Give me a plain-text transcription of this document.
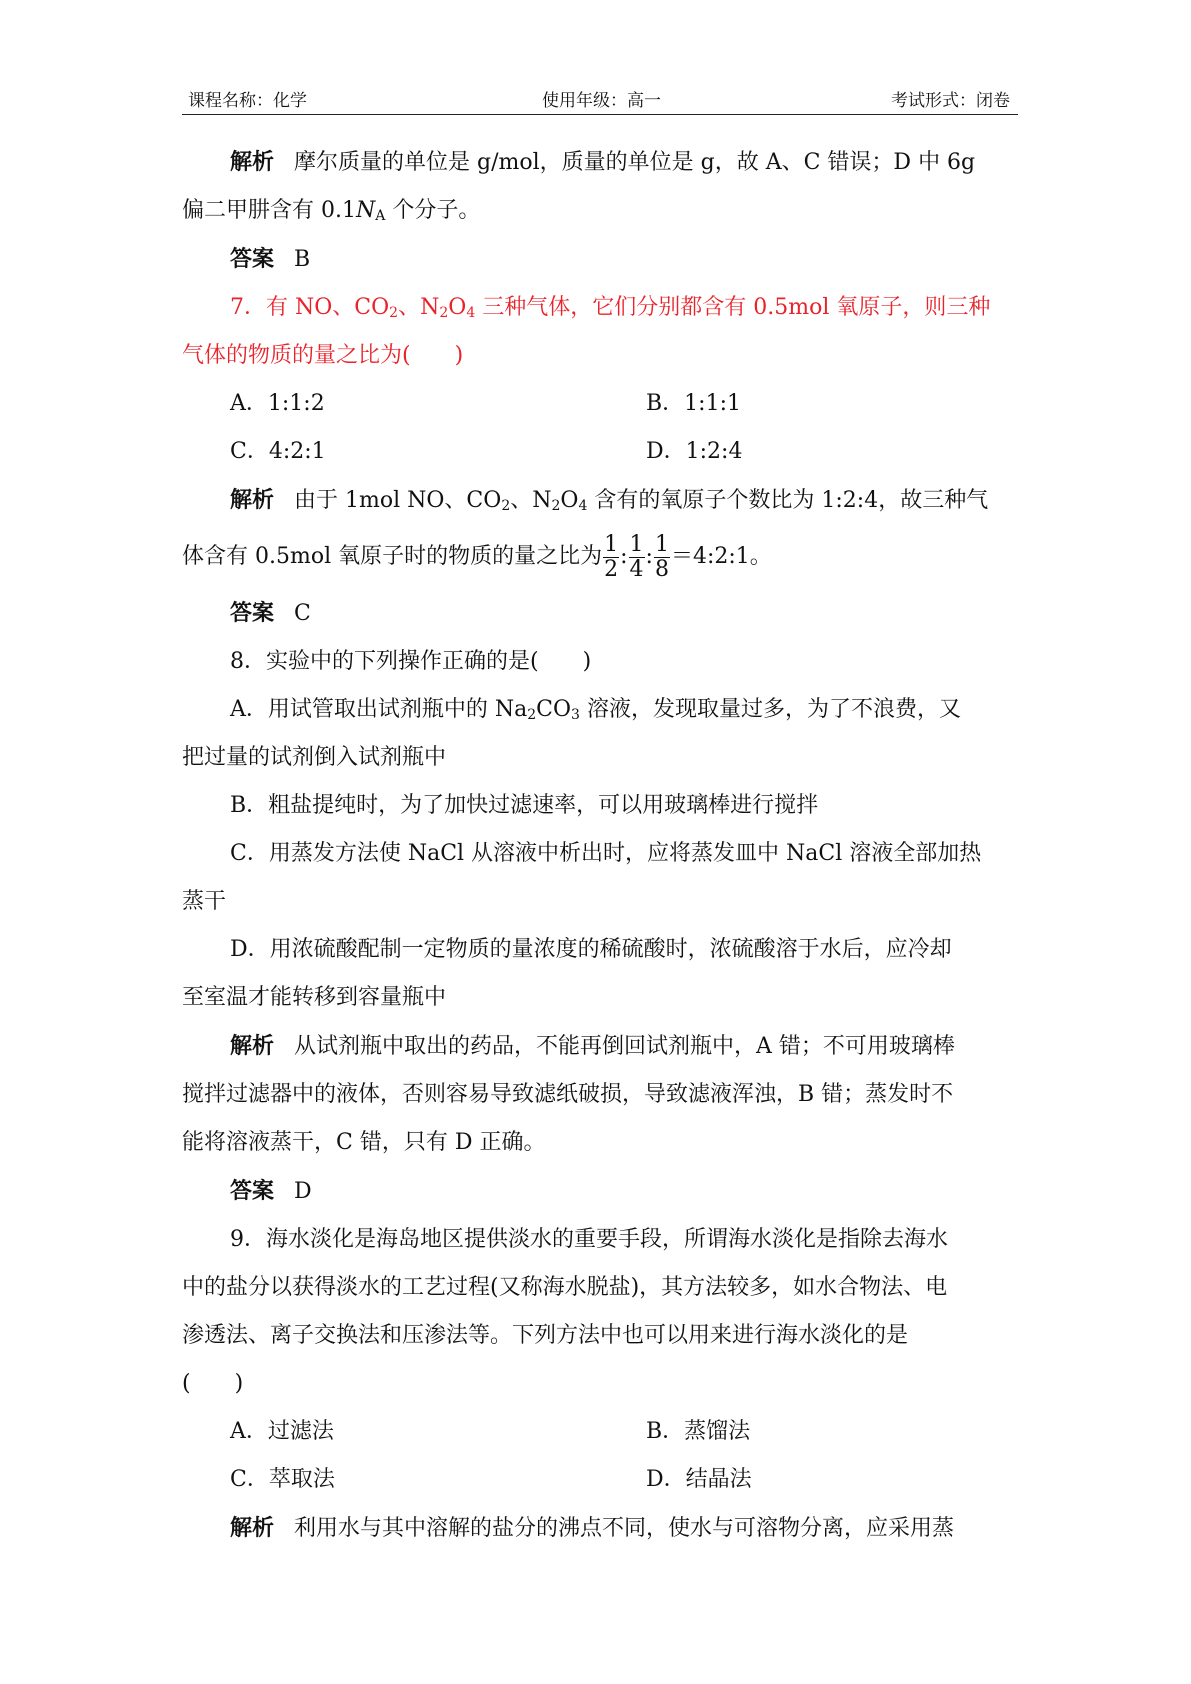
课程名称：化学	使用年级：高一	考试形式：闭卷

解析 摩尔质量的单位是 g/mol，质量的单位是 g，故 A、C 错误；D 中 6g

偏二甲肼含有 $0.1N_A$ 个分子。

答案 B

7．有 NO、$CO_2$、$N_2O_4$ 三种气体，它们分别都含有 0.5mol 氧原子，则三种

气体的物质的量之比为(　　)

A．1:1:2	B．1:1:1
C．4:2:1	D．1:2:4

解析 由于 1mol NO、$CO_2$、$N_2O_4$ 含有的氧原子个数比为 1:2:4，故三种气

体含有 0.5mol 氧原子时的物质的量之比为 $\frac{1}{2}$ : $\frac{1}{4}$ : $\frac{1}{8}$ ＝4:2:1。

答案 C

8．实验中的下列操作正确的是(　　)

A．用试管取出试剂瓶中的 $Na_2CO_3$ 溶液，发现取量过多，为了不浪费，又

把过量的试剂倒入试剂瓶中

B．粗盐提纯时，为了加快过滤速率，可以用玻璃棒进行搅拌

C．用蒸发方法使 NaCl 从溶液中析出时，应将蒸发皿中 NaCl 溶液全部加热

蒸干

D．用浓硫酸配制一定物质的量浓度的稀硫酸时，浓硫酸溶于水后，应冷却

至室温才能转移到容量瓶中

解析 从试剂瓶中取出的药品，不能再倒回试剂瓶中，A 错；不可用玻璃棒

搅拌过滤器中的液体，否则容易导致滤纸破损，导致滤液浑浊，B 错；蒸发时不

能将溶液蒸干，C 错，只有 D 正确。

答案 D

9．海水淡化是海岛地区提供淡水的重要手段，所谓海水淡化是指除去海水

中的盐分以获得淡水的工艺过程(又称海水脱盐)，其方法较多，如水合物法、电

渗透法、离子交换法和压渗法等。下列方法中也可以用来进行海水淡化的是

(　　)

A．过滤法	B．蒸馏法
C．萃取法	D．结晶法

解析 利用水与其中溶解的盐分的沸点不同，使水与可溶物分离，应采用蒸
